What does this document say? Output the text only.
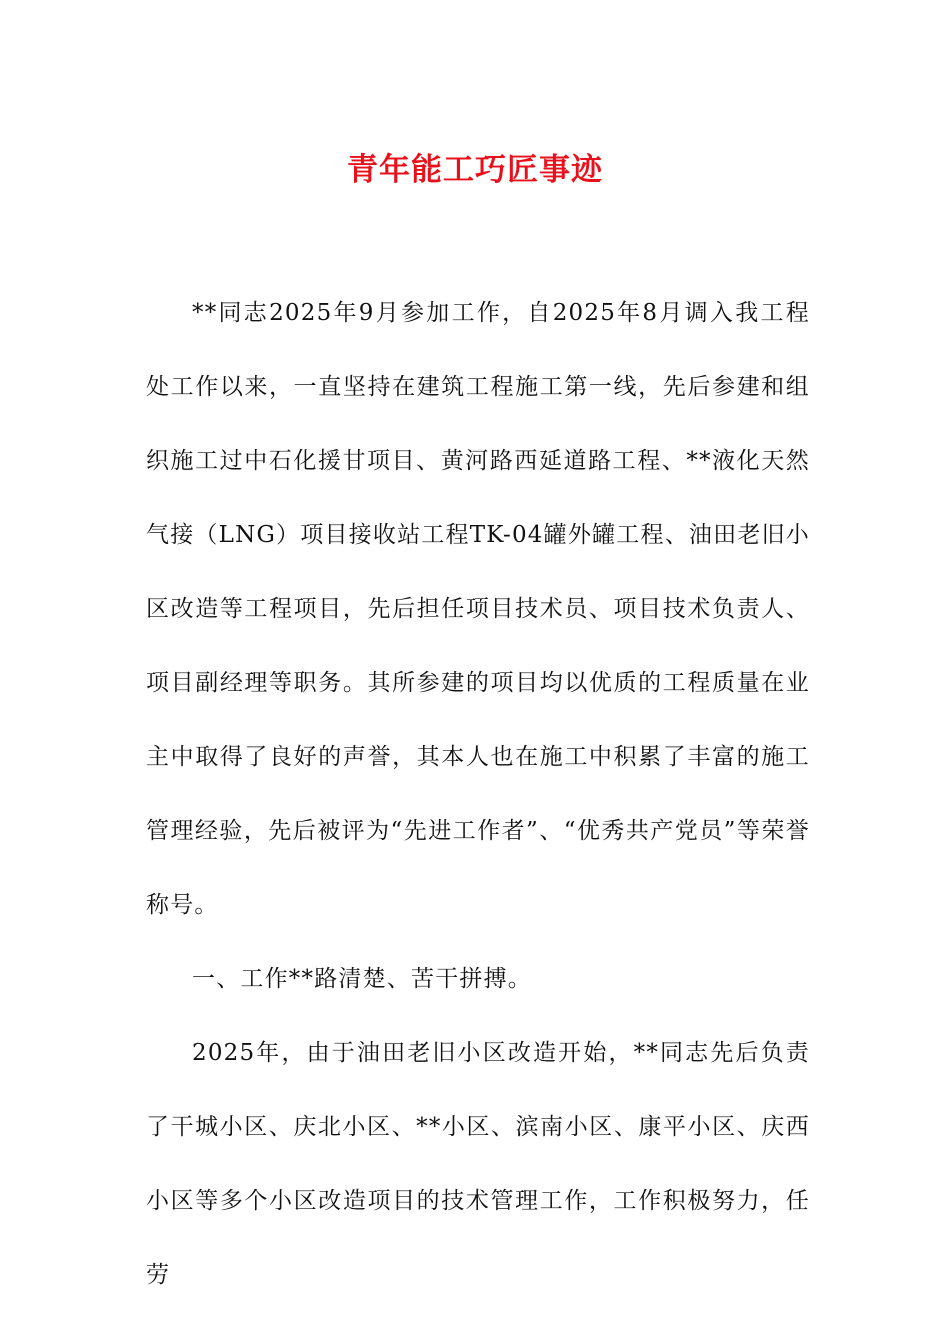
青年能工巧匠事迹

**同志2025年9月参加工作，自2025年8月调入我工程处工作以来，一直坚持在建筑工程施工第一线，先后参建和组织施工过中石化援甘项目、黄河路西延道路工程、**液化天然气接（LNG）项目接收站工程TK-04罐外罐工程、油田老旧小区改造等工程项目，先后担任项目技术员、项目技术负责人、项目副经理等职务。其所参建的项目均以优质的工程质量在业主中取得了良好的声誉，其本人也在施工中积累了丰富的施工管理经验，先后被评为“先进工作者”、“优秀共产党员”等荣誉称号。

一、工作**路清楚、苦干拼搏。

2025年，由于油田老旧小区改造开始，**同志先后负责了干城小区、庆北小区、**小区、滨南小区、康平小区、庆西小区等多个小区改造项目的技术管理工作，工作积极努力，任劳
